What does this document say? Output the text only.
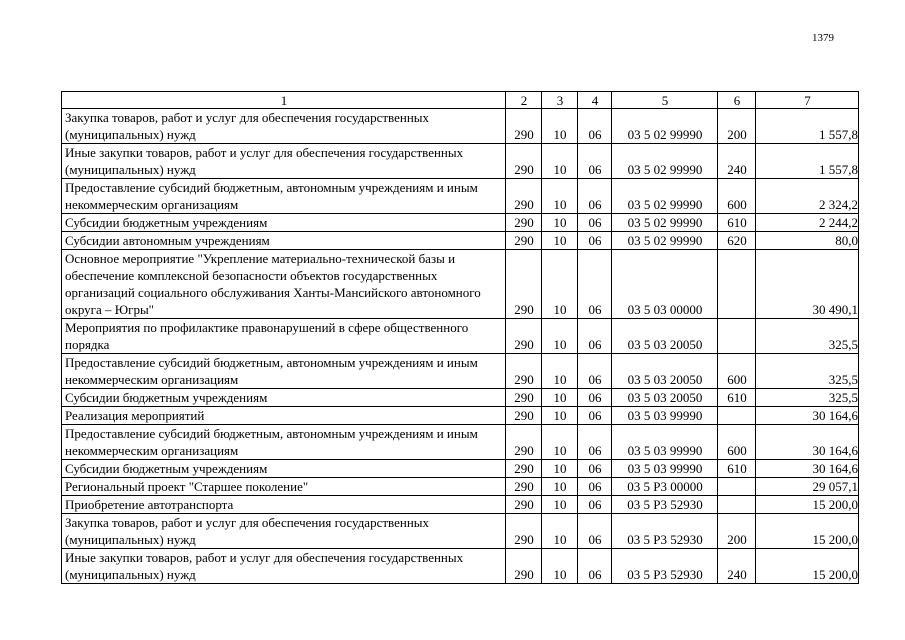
1379
1	2	3	4	5	6	7
Закупка товаров, работ и услуг для обеспечения государственных (муниципальных) нужд	290	10	06	03 5 02 99990	200	1 557,8
Иные закупки товаров, работ и услуг для обеспечения государственных (муниципальных) нужд	290	10	06	03 5 02 99990	240	1 557,8
Предоставление субсидий бюджетным, автономным учреждениям и иным некоммерческим организациям	290	10	06	03 5 02 99990	600	2 324,2
Субсидии бюджетным учреждениям	290	10	06	03 5 02 99990	610	2 244,2
Субсидии автономным учреждениям	290	10	06	03 5 02 99990	620	80,0
Основное мероприятие "Укрепление материально-технической базы и обеспечение комплексной безопасности объектов государственных организаций социального обслуживания Ханты-Мансийского автономного округа – Югры"	290	10	06	03 5 03 00000		30 490,1
Мероприятия по профилактике правонарушений в сфере общественного порядка	290	10	06	03 5 03 20050		325,5
Предоставление субсидий бюджетным, автономным учреждениям и иным некоммерческим организациям	290	10	06	03 5 03 20050	600	325,5
Субсидии бюджетным учреждениям	290	10	06	03 5 03 20050	610	325,5
Реализация мероприятий	290	10	06	03 5 03 99990		30 164,6
Предоставление субсидий бюджетным, автономным учреждениям и иным некоммерческим организациям	290	10	06	03 5 03 99990	600	30 164,6
Субсидии бюджетным учреждениям	290	10	06	03 5 03 99990	610	30 164,6
Региональный проект "Старшее поколение"	290	10	06	03 5 P3 00000		29 057,1
Приобретение автотранспорта	290	10	06	03 5 P3 52930		15 200,0
Закупка товаров, работ и услуг для обеспечения государственных (муниципальных) нужд	290	10	06	03 5 P3 52930	200	15 200,0
Иные закупки товаров, работ и услуг для обеспечения государственных (муниципальных) нужд	290	10	06	03 5 P3 52930	240	15 200,0
